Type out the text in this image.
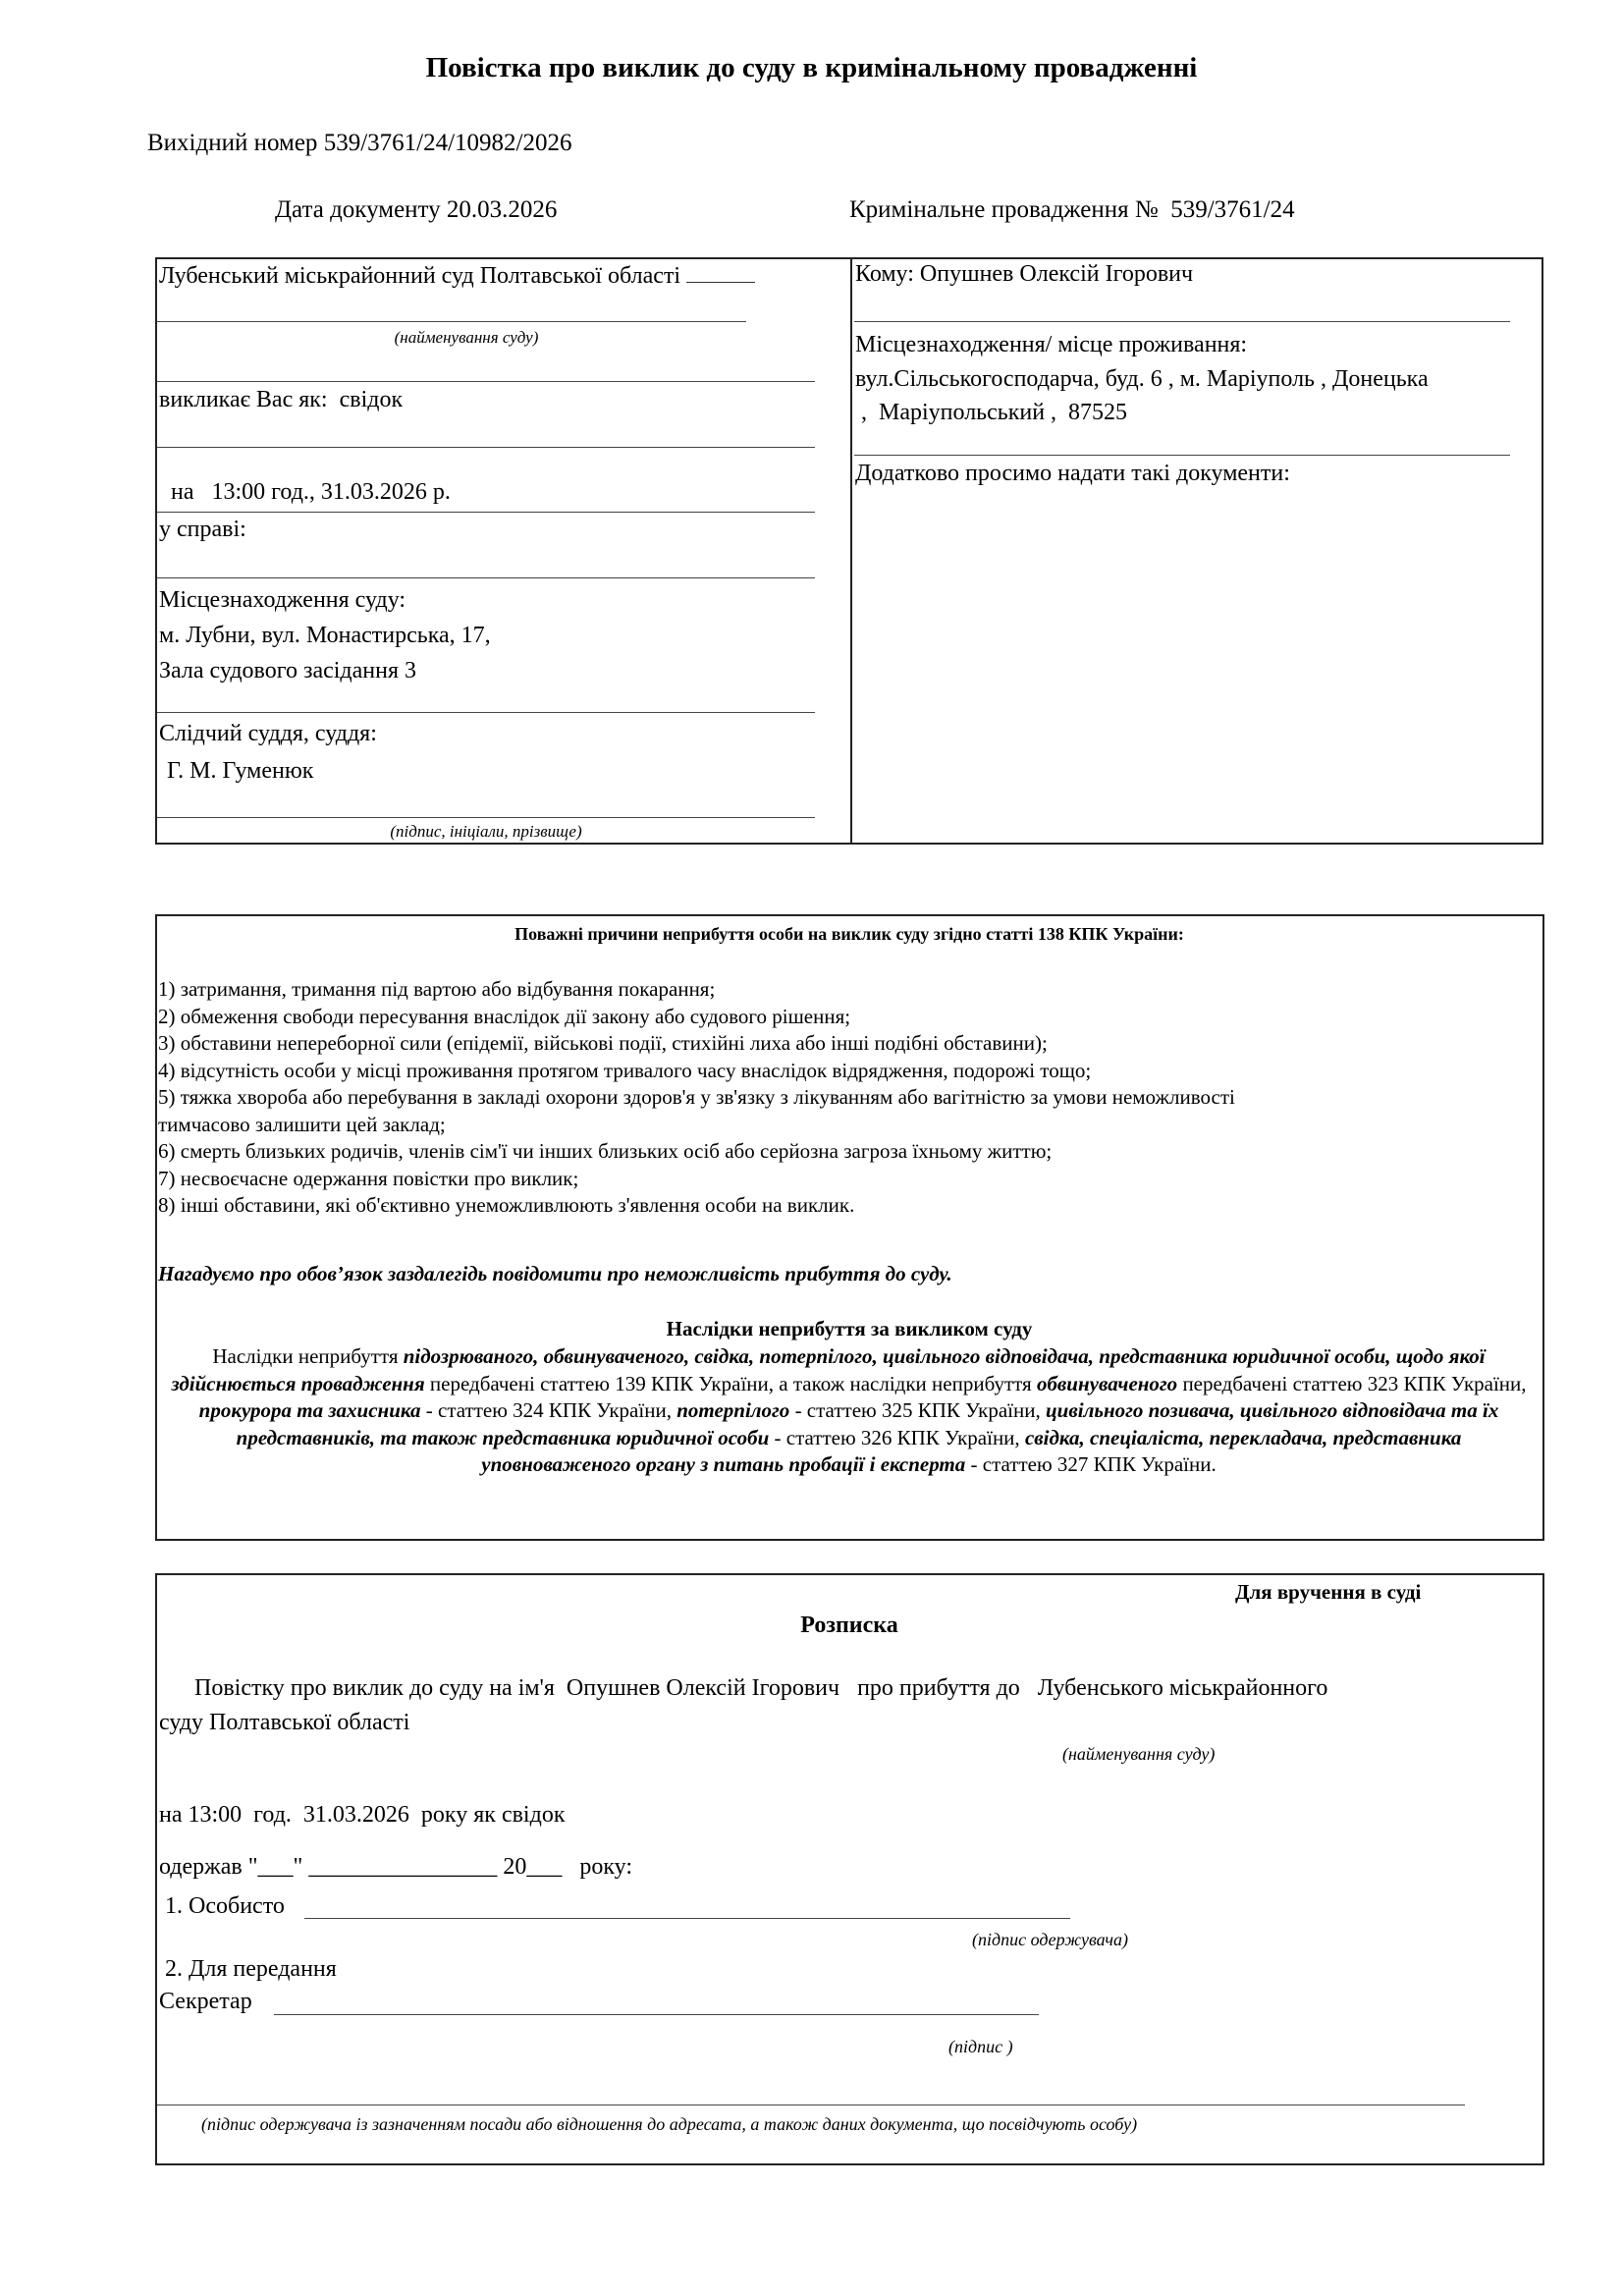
Повістка про виклик до суду в кримінальному провадженні
Вихідний номер 539/3761/24/10982/2026
Дата документу 20.03.2026	Кримінальне провадження № 539/3761/24
Лубенський міськрайонний суд Полтавської області
(найменування суду)
викликає Вас як: свідок

на 13:00 год., 31.03.2026 р.

у справі:
Місцезнаходження суду:
м. Лубни, вул. Монастирська, 17,
Зала судового засідання 3
Слідчий суддя, суддя:
Г. М. Гуменюк
(підпис, ініціали, прізвище)
Кому: Опушнев Олексій Ігорович
Місцезнаходження/ місце проживання:
вул.Сільськогосподарча, буд. 6 , м. Маріуполь , Донецька
,  Маріупольський ,  87525
Додатково просимо надати такі документи:
Поважні причини неприбуття особи на виклик суду згідно статті 138 КПК України:
1) затримання, тримання під вартою або відбування покарання;
2) обмеження свободи пересування внаслідок дії закону або судового рішення;
3) обставини непереборної сили (епідемії, військові події, стихійні лиха або інші подібні обставини);
4) відсутність особи у місці проживання протягом тривалого часу внаслідок відрядження, подорожі тощо;
5) тяжка хвороба або перебування в закладі охорони здоров'я у зв'язку з лікуванням або вагітністю за умови неможливості
тимчасово залишити цей заклад;
6) смерть близьких родичів, членів сім'ї чи інших близьких осіб або серйозна загроза їхньому життю;
7) несвоєчасне одержання повістки про виклик;
8) інші обставини, які об'єктивно унеможливлюють з'явлення особи на виклик.
Нагадуємо про обов’язок заздалегідь повідомити про неможливість прибуття до суду.
Наслідки неприбуття за викликом суду
Наслідки неприбуття підозрюваного, обвинуваченого, свідка, потерпілого, цивільного відповідача, представника юридичної особи, щодо якої здійснюється провадження передбачені статтею 139 КПК України, а також наслідки неприбуття обвинуваченого передбачені статтею 323 КПК України, прокурора та захисника - статтею 324 КПК України, потерпілого - статтею 325 КПК України, цивільного позивача, цивільного відповідача та їх представників, та також представника юридичної особи - статтею 326 КПК України, свідка, спеціаліста, перекладача, представника уповноваженого органу з питань пробації і експерта - статтею 327 КПК України.
Для вручення в суді
Розписка
Повістку про виклик до суду на ім'я  Опушнев Олексій Ігорович   про прибуття до   Лубенського міськрайонного
суду Полтавської області
(найменування суду)
на 13:00  год.  31.03.2026  року як свідок
одержав "___" ________________ 20___   року:
1. Особисто
(підпис одержувача)
2. Для передання
Секретар
(підпис )
(підпис одержувача із зазначенням посади або відношення до адресата, а також даних документа, що посвідчують особу)
